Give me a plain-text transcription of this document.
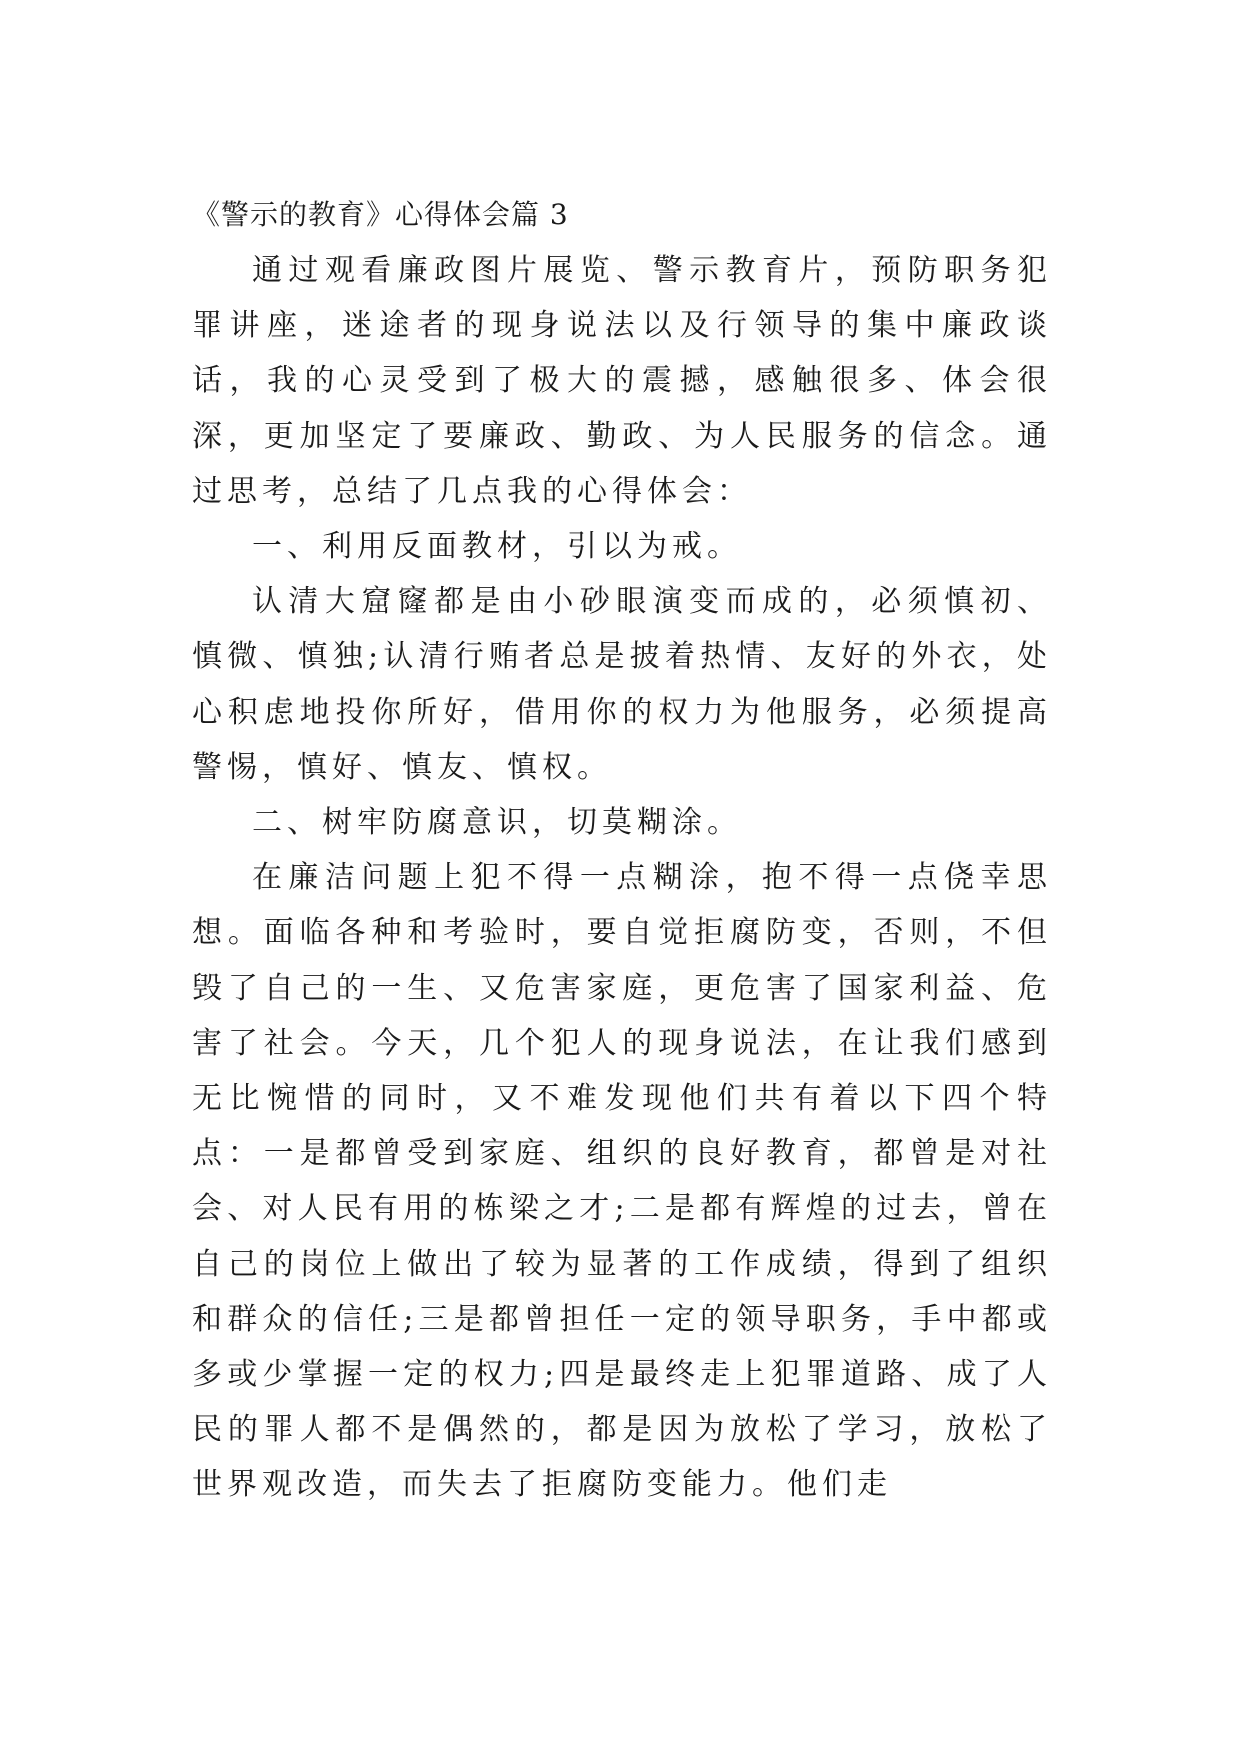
《警示的教育》心得体会篇 3

通过观看廉政图片展览、警示教育片，预防职务犯罪讲座，迷途者的现身说法以及行领导的集中廉政谈话，我的心灵受到了极大的震撼，感触很多、体会很深，更加坚定了要廉政、勤政、为人民服务的信念。通过思考，总结了几点我的心得体会：

一、利用反面教材，引以为戒。

认清大窟窿都是由小砂眼演变而成的，必须慎初、慎微、慎独;认清行贿者总是披着热情、友好的外衣，处心积虑地投你所好，借用你的权力为他服务，必须提高警惕，慎好、慎友、慎权。

二、树牢防腐意识，切莫糊涂。

在廉洁问题上犯不得一点糊涂，抱不得一点侥幸思想。面临各种和考验时，要自觉拒腐防变，否则，不但毁了自己的一生、又危害家庭，更危害了国家利益、危害了社会。今天，几个犯人的现身说法，在让我们感到无比惋惜的同时，又不难发现他们共有着以下四个特点：一是都曾受到家庭、组织的良好教育，都曾是对社会、对人民有用的栋梁之才;二是都有辉煌的过去，曾在自己的岗位上做出了较为显著的工作成绩，得到了组织和群众的信任;三是都曾担任一定的领导职务，手中都或多或少掌握一定的权力;四是最终走上犯罪道路、成了人民的罪人都不是偶然的，都是因为放松了学习，放松了世界观改造，而失去了拒腐防变能力。他们走
